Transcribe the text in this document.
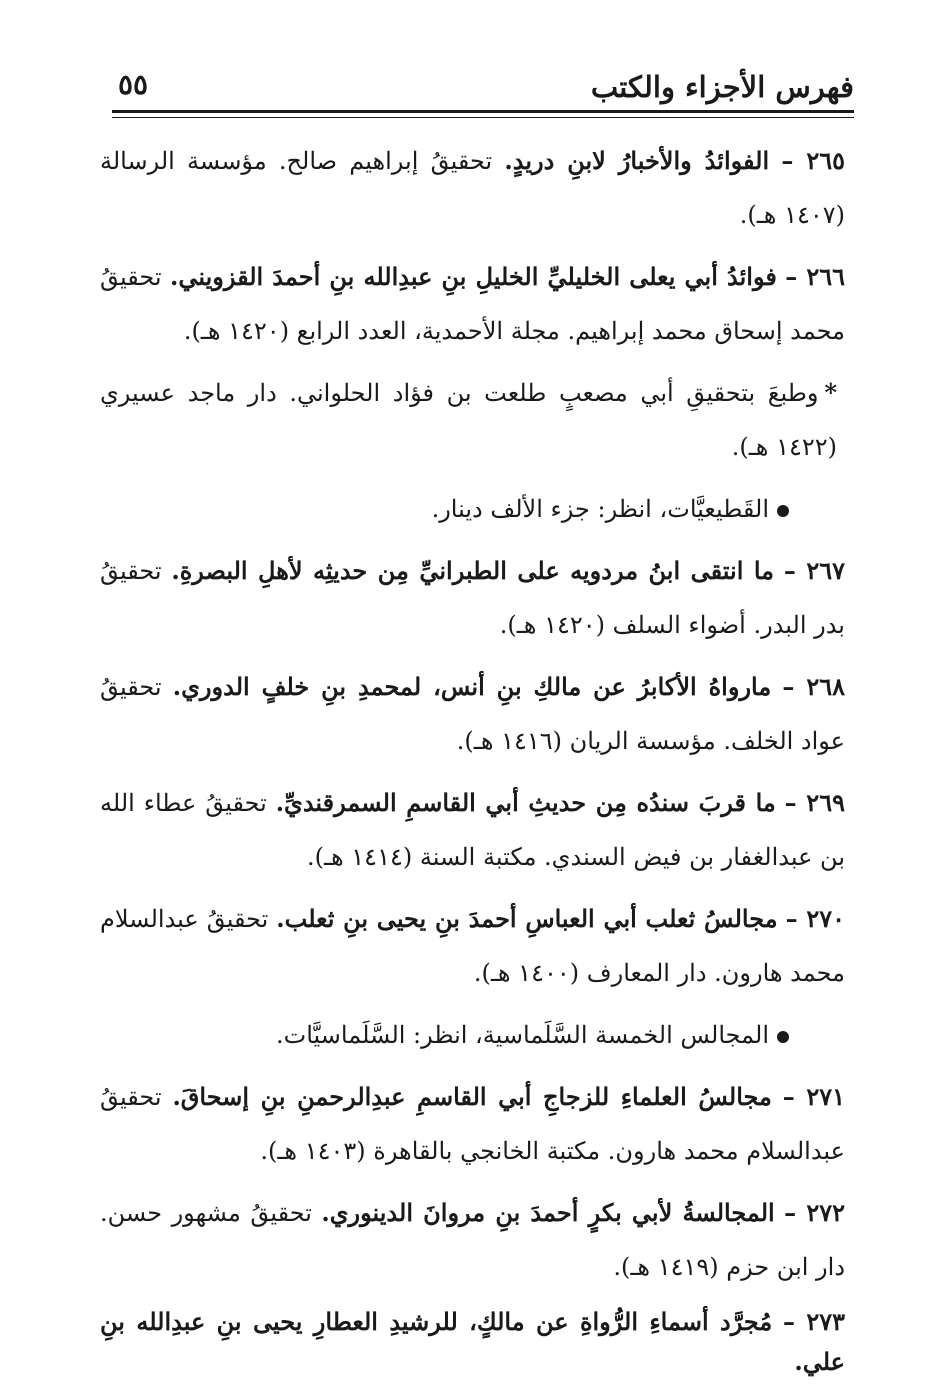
فهرس الأجزاء والكتب
٥٥

٢٦٥ – الفوائدُ والأخبارُ لابنِ دريدٍ. تحقيقُ إبراهيم صالح. مؤسسة الرسالة (١٤٠٧ هـ).

٢٦٦ – فوائدُ أبي يعلى الخليليِّ الخليلِ بنِ عبدِالله بنِ أحمدَ القزويني. تحقيقُ محمد إسحاق محمد إبراهيم. مجلة الأحمدية، العدد الرابع (١٤٢٠ هـ).

*وطبعَ بتحقيقِ أبي مصعبٍ طلعت بن فؤاد الحلواني. دار ماجد عسيري (١٤٢٢ هـ).

القَطيعيَّات، انظر: جزء الألف دينار.

٢٦٧ – ما انتقى ابنُ مردويه على الطبرانيِّ مِن حديثِه لأهلِ البصرةِ. تحقيقُ بدر البدر. أضواء السلف (١٤٢٠ هـ).

٢٦٨ – مارواهُ الأكابرُ عن مالكِ بنِ أنس، لمحمدِ بنِ خلفٍ الدوري. تحقيقُ عواد الخلف. مؤسسة الريان (١٤١٦ هـ).

٢٦٩ – ما قربَ سندُه مِن حديثِ أبي القاسمِ السمرقنديِّ. تحقيقُ عطاء الله بن عبدالغفار بن فيض السندي. مكتبة السنة (١٤١٤ هـ).

٢٧٠ – مجالسُ ثعلب أبي العباسِ أحمدَ بنِ يحيى بنِ ثعلب. تحقيقُ عبدالسلام محمد هارون. دار المعارف (١٤٠٠ هـ).

المجالس الخمسة السَّلَماسية، انظر: السَّلَماسيَّات.

٢٧١ – مجالسُ العلماءِ للزجاجِ أبي القاسمِ عبدِالرحمنِ بنِ إسحاقَ. تحقيقُ عبدالسلام محمد هارون. مكتبة الخانجي بالقاهرة (١٤٠٣ هـ).

٢٧٢ – المجالسةُ لأبي بكرٍ أحمدَ بنِ مروانَ الدينوري. تحقيقُ مشهور حسن. دار ابن حزم (١٤١٩ هـ).

٢٧٣ – مُجرَّد أسماءِ الرُّواةِ عن مالكٍ، للرشيدِ العطارِ يحيى بنِ عبدِالله بنِ علي.
